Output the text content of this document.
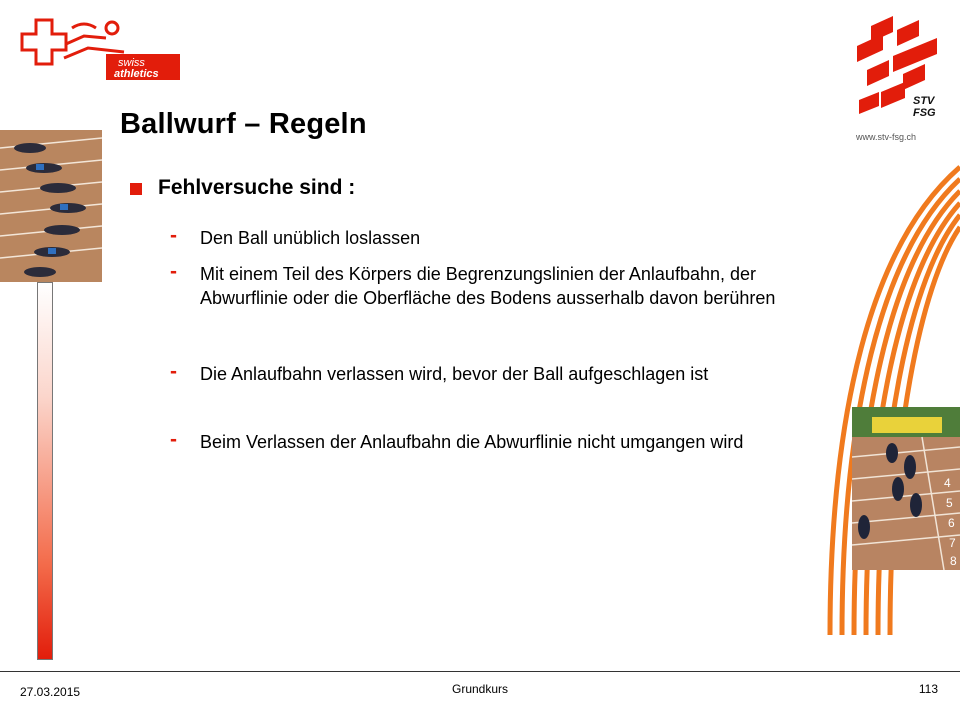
swiss
athletics
STV
FSG
www.stv-fsg.ch
4
5
6
7
8
Ballwurf – Regeln
Fehlversuche sind :
- Den Ball unüblich loslassen
- Mit einem Teil des Körpers die Begrenzungslinien der Anlaufbahn, der Abwurflinie oder die Oberfläche des Bodens ausserhalb davon berühren
- Die Anlaufbahn verlassen wird, bevor der Ball aufgeschlagen ist
- Beim Verlassen der Anlaufbahn die Abwurflinie nicht umgangen wird
27.03.2015	Grundkurs	113
